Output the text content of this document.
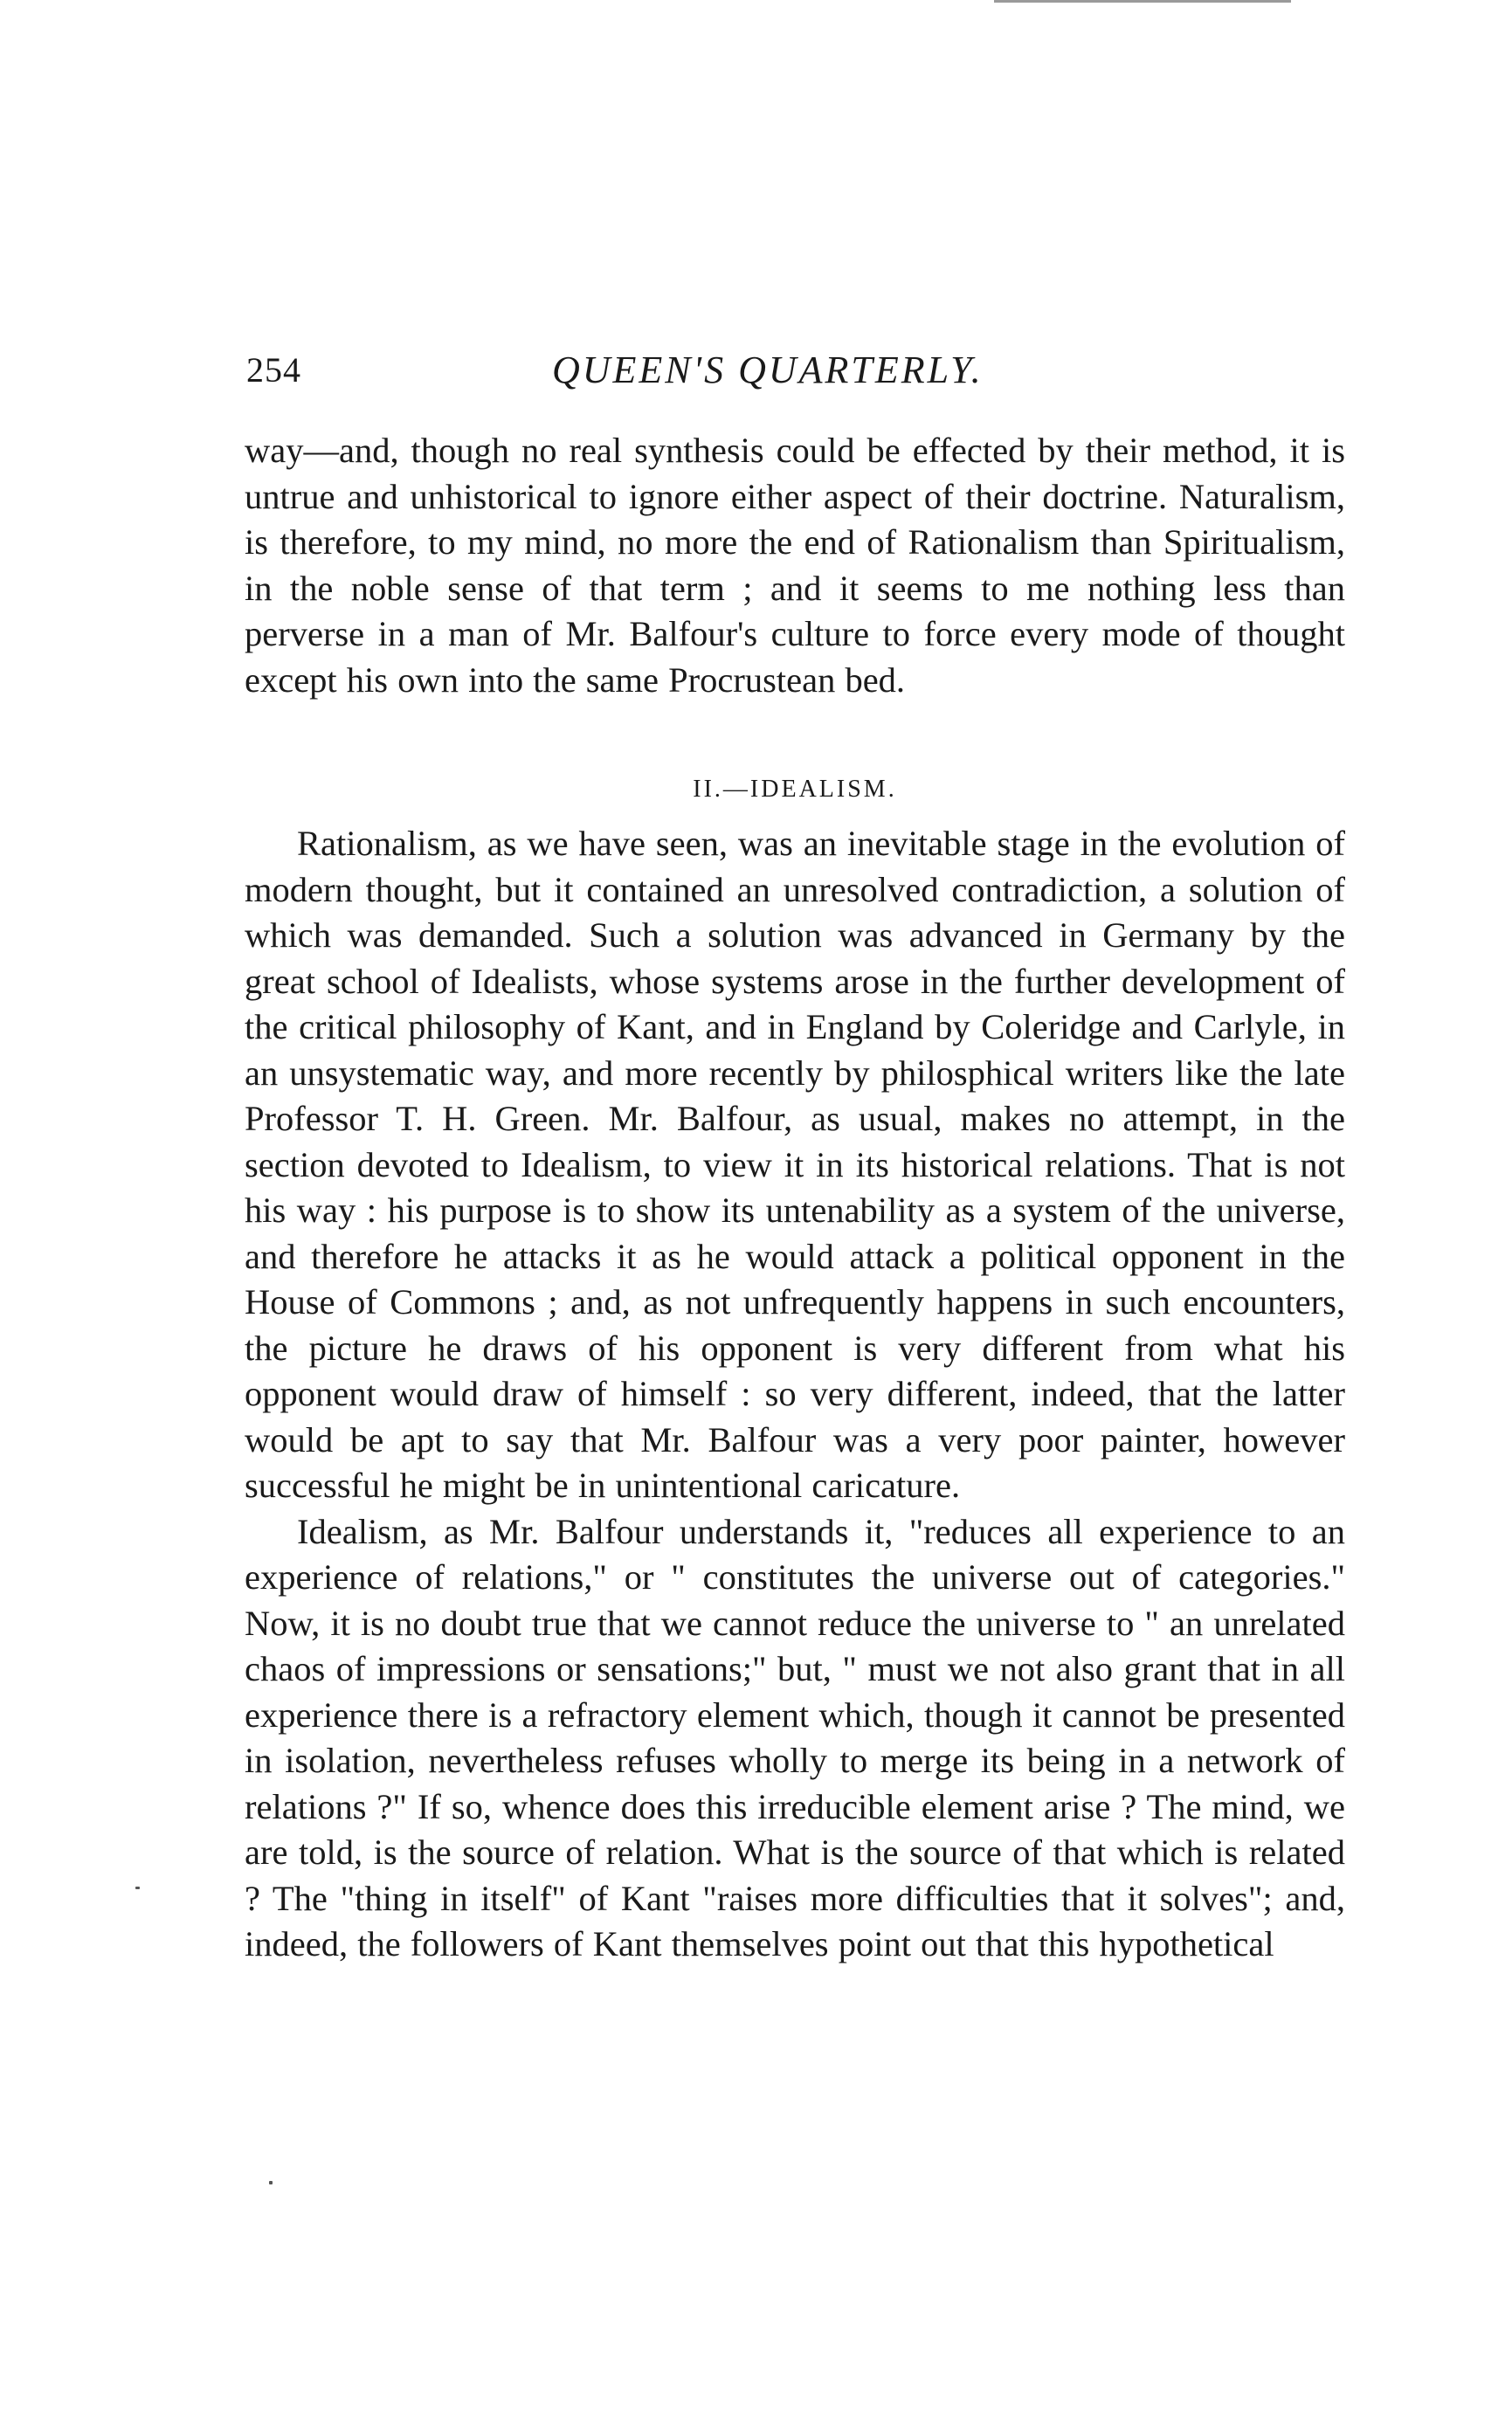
254	QUEEN'S QUARTERLY.

way—and, though no real synthesis could be effected by their method, it is untrue and unhistorical to ignore either aspect of their doctrine. Naturalism, is therefore, to my mind, no more the end of Rationalism than Spiritualism, in the noble sense of that term ; and it seems to me nothing less than perverse in a man of Mr. Balfour's culture to force every mode of thought except his own into the same Procrustean bed.

II.—IDEALISM.

Rationalism, as we have seen, was an inevitable stage in the evolution of modern thought, but it contained an unresolved contradiction, a solution of which was demanded. Such a solution was advanced in Germany by the great school of Idealists, whose systems arose in the further development of the critical philosophy of Kant, and in England by Coleridge and Carlyle, in an unsystematic way, and more recently by philosphical writers like the late Professor T. H. Green. Mr. Balfour, as usual, makes no attempt, in the section devoted to Idealism, to view it in its historical relations. That is not his way : his purpose is to show its untenability as a system of the universe, and therefore he attacks it as he would attack a political opponent in the House of Commons ; and, as not unfrequently happens in such encounters, the picture he draws of his opponent is very different from what his opponent would draw of himself : so very different, indeed, that the latter would be apt to say that Mr. Balfour was a very poor painter, however successful he might be in unintentional caricature.

Idealism, as Mr. Balfour understands it, "reduces all experience to an experience of relations," or " constitutes the universe out of categories." Now, it is no doubt true that we cannot reduce the universe to " an unrelated chaos of impressions or sensations;" but, " must we not also grant that in all experience there is a refractory element which, though it cannot be presented in isolation, nevertheless refuses wholly to merge its being in a network of relations ?" If so, whence does this irreducible element arise ? The mind, we are told, is the source of relation. What is the source of that which is related ? The "thing in itself" of Kant "raises more difficulties that it solves"; and, indeed, the followers of Kant themselves point out that this hypothetical
